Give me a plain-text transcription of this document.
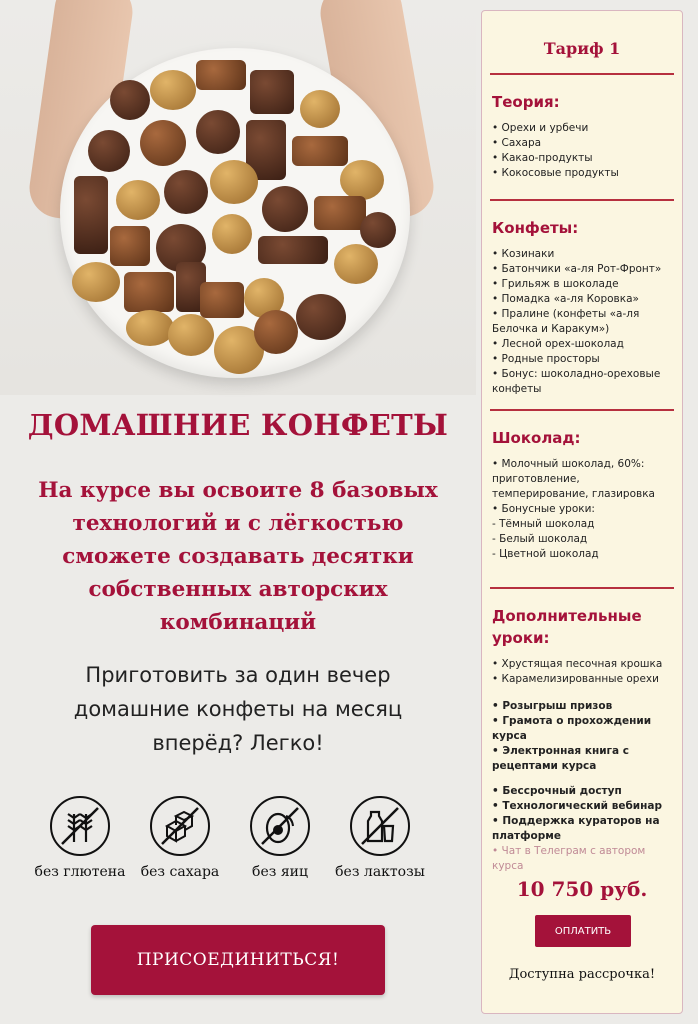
ДОМАШНИЕ КОНФЕТЫ

На курсе вы освоите 8 базовых технологий и с лёгкостью сможете создавать десятки собственных авторских комбинаций

Приготовить за один вечер домашние конфеты на месяц вперёд? Легко!

без глютена	без сахара	без яиц	без лактозы
ПРИСОЕДИНИТЬСЯ!
Тариф 1
Теория:
• Орехи и урбечи
• Сахара
• Какао-продукты
• Кокосовые продукты
Конфеты:
• Козинаки
• Батончики «а-ля Рот-Фронт»
• Грильяж в шоколаде
• Помадка «а-ля Коровка»
• Пралине (конфеты «а-ля Белочка и Каракум»)
• Лесной орех-шоколад
• Родные просторы
• Бонус: шоколадно-ореховые конфеты
Шоколад:
• Молочный шоколад, 60%: приготовление, темперирование, глазировка
• Бонусные уроки:
- Тёмный шоколад
- Белый шоколад
- Цветной шоколад
Дополнительные уроки:
• Хрустящая песочная крошка
• Карамелизированные орехи
• Розыгрыш призов
• Грамота о прохождении курса
• Электронная книга с рецептами курса
• Бессрочный доступ
• Технологический вебинар
• Поддержка кураторов на платформе
• Чат в Телеграм с автором курса
10 750 руб.
ОПЛАТИТЬ
Доступна рассрочка!
